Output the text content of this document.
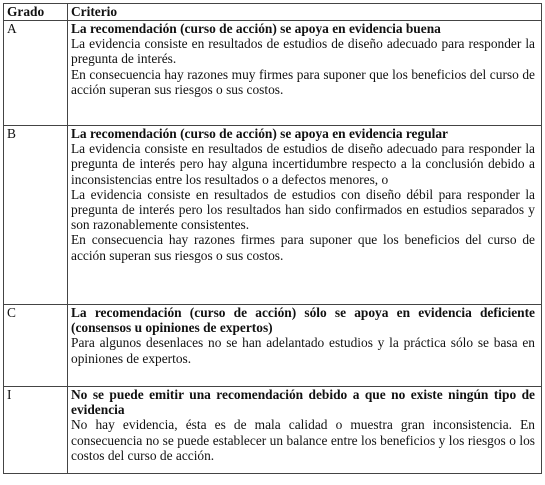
Grado	Criterio
A	La recomendación (curso de acción) se apoya en evidencia buena

La evidencia consiste en resultados de estudios de diseño adecuado para responder la pregunta de interés.

En consecuencia hay razones muy firmes para suponer que los beneficios del curso de acción superan sus riesgos o sus costos.

B	La recomendación (curso de acción) se apoya en evidencia regular

La evidencia consiste en resultados de estudios de diseño adecuado para responder la pregunta de interés pero hay alguna incertidumbre respecto a la conclusión debido a inconsistencias entre los resultados o a defectos menores, o

La evidencia consiste en resultados de estudios con diseño débil para responder la pregunta de interés pero los resultados han sido confirmados en estudios separados y son razonablemente consistentes.

En consecuencia hay razones firmes para suponer que los beneficios del curso de acción superan sus riesgos o sus costos.

C	La recomendación (curso de acción) sólo se apoya en evidencia deficiente (consensos u opiniones de expertos)

Para algunos desenlaces no se han adelantado estudios y la práctica sólo se basa en opiniones de expertos.

I	No se puede emitir una recomendación debido a que no existe ningún tipo de evidencia

No hay evidencia, ésta es de mala calidad o muestra gran inconsistencia. En consecuencia no se puede establecer un balance entre los beneficios y los riesgos o los costos del curso de acción.
